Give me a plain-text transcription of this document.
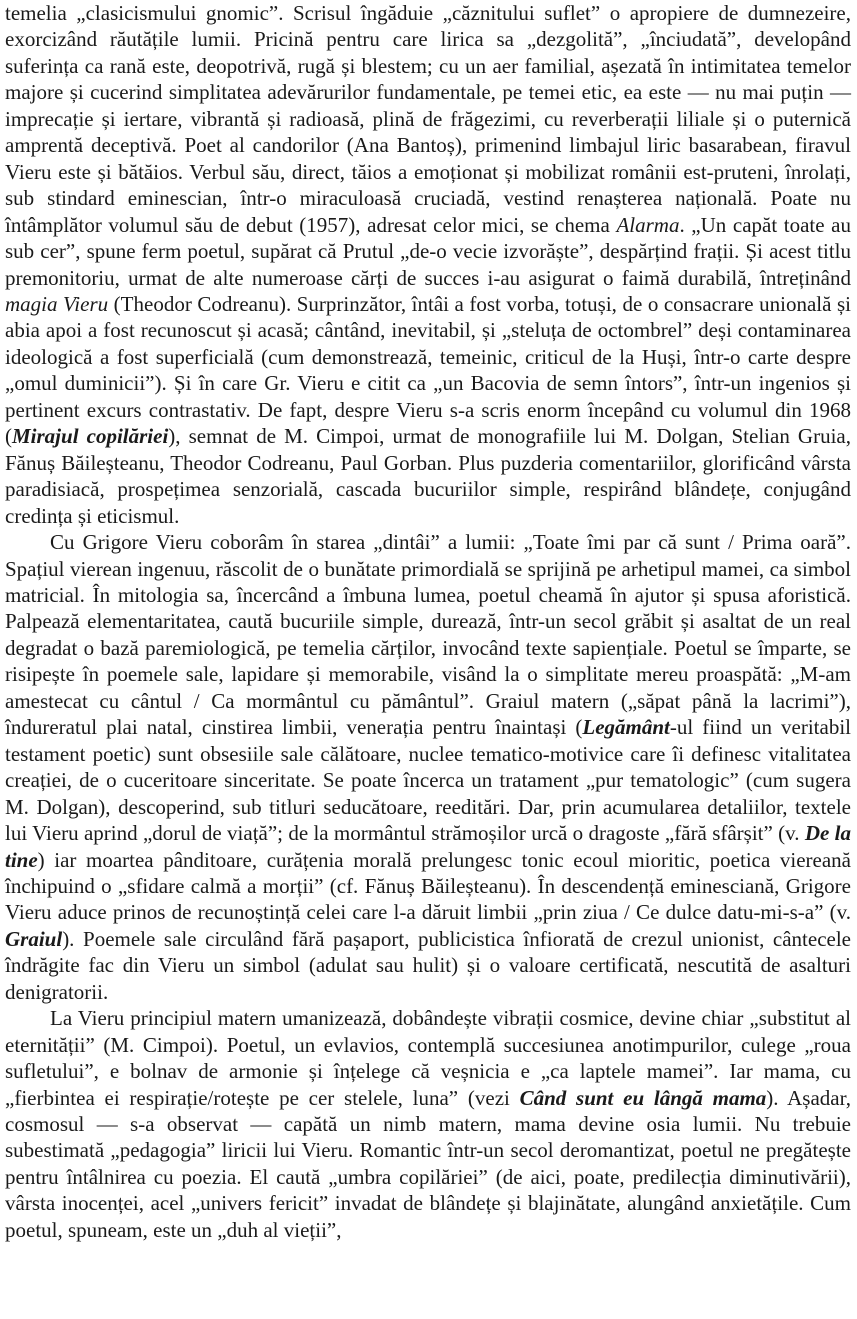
temelia „clasicismului gnomic”. Scrisul îngăduie „căznitului suflet” o apropiere de dumnezeire, exorcizând răutățile lumii. Pricină pentru care lirica sa „dezgolită”, „înciudată”, developând suferința ca rană este, deopotrivă, rugă și blestem; cu un aer familial, așezată în intimitatea temelor majore și cucerind simplitatea adevărurilor fundamentale, pe temei etic, ea este — nu mai puțin — imprecație și iertare, vibrantă și radioasă, plină de frăgezimi, cu reverberații liliale și o puternică amprentă deceptivă. Poet al candorilor (Ana Bantoș), primenind limbajul liric basarabean, firavul Vieru este și bătăios. Verbul său, direct, tăios a emoționat și mobilizat românii est-pruteni, înrolați, sub stindard eminescian, într-o miraculoasă cruciadă, vestind renașterea națională. Poate nu întâmplător volumul său de debut (1957), adresat celor mici, se chema Alarma. „Un capăt toate au sub cer”, spune ferm poetul, supărat că Prutul „de-o vecie izvorăște”, despărțind frații. Și acest titlu premonitoriu, urmat de alte numeroase cărți de succes i-au asigurat o faimă durabilă, întreținând magia Vieru (Theodor Codreanu). Surprinzător, întâi a fost vorba, totuși, de o consacrare unională și abia apoi a fost recunoscut și acasă; cântând, inevitabil, și „steluța de octombrel” deși contaminarea ideologică a fost superficială (cum demonstrează, temeinic, criticul de la Huși, într-o carte despre „omul duminicii”). Și în care Gr. Vieru e citit ca „un Bacovia de semn întors”, într-un ingenios și pertinent excurs contrastativ. De fapt, despre Vieru s-a scris enorm începând cu volumul din 1968 (Mirajul copilăriei), semnat de M. Cimpoi, urmat de monografiile lui M. Dolgan, Stelian Gruia, Fănuș Băileșteanu, Theodor Codreanu, Paul Gorban. Plus puzderia comentariilor, glorificând vârsta paradisiacă, prospețimea senzorială, cascada bucuriilor simple, respirând blândețe, conjugând credința și eticismul.

Cu Grigore Vieru coborâm în starea „dintâi” a lumii: „Toate îmi par că sunt / Prima oară”. Spațiul vierean ingenuu, răscolit de o bunătate primordială se sprijină pe arhetipul mamei, ca simbol matricial. În mitologia sa, încercând a îmbuna lumea, poetul cheamă în ajutor și spusa aforistică. Palpează elementaritatea, caută bucuriile simple, durează, într-un secol grăbit și asaltat de un real degradat o bază paremiologică, pe temelia cărților, invocând texte sapiențiale. Poetul se împarte, se risipește în poemele sale, lapidare și memorabile, visând la o simplitate mereu proaspătă: „M-am amestecat cu cântul / Ca mormântul cu pământul”. Graiul matern („săpat până la lacrimi”), îndureratul plai natal, cinstirea limbii, venerația pentru înaintași (Legământ-ul fiind un veritabil testament poetic) sunt obsesiile sale călătoare, nuclee tematico-motivice care îi definesc vitalitatea creației, de o cuceritoare sinceritate. Se poate încerca un tratament „pur tematologic” (cum sugera M. Dolgan), descoperind, sub titluri seducătoare, reeditări. Dar, prin acumularea detaliilor, textele lui Vieru aprind „dorul de viață”; de la mormântul strămoșilor urcă o dragoste „fără sfârșit” (v. De la tine) iar moartea pânditoare, curățenia morală prelungesc tonic ecoul mioritic, poetica viereană închipuind o „sfidare calmă a morții” (cf. Fănuș Băileșteanu). În descendență eminesciană, Grigore Vieru aduce prinos de recunoștință celei care l-a dăruit limbii „prin ziua / Ce dulce datu-mi-s-a” (v. Graiul). Poemele sale circulând fără pașaport, publicistica înfiorată de crezul unionist, cântecele îndrăgite fac din Vieru un simbol (adulat sau hulit) și o valoare certificată, nescutită de asalturi denigratorii.

La Vieru principiul matern umanizează, dobândește vibrații cosmice, devine chiar „substitut al eternității” (M. Cimpoi). Poetul, un evlavios, contemplă succesiunea anotimpurilor, culege „roua sufletului”, e bolnav de armonie și înțelege că veșnicia e „ca laptele mamei”. Iar mama, cu „fierbintea ei respirație/rotește pe cer stelele, luna” (vezi Când sunt eu lângă mama). Așadar, cosmosul — s-a observat — capătă un nimb matern, mama devine osia lumii. Nu trebuie subestimată „pedagogia” liricii lui Vieru. Romantic într-un secol deromantizat, poetul ne pregătește pentru întâlnirea cu poezia. El caută „umbra copilăriei” (de aici, poate, predilecția diminutivării), vârsta inocenței, acel „univers fericit” invadat de blândețe și blajinătate, alungând anxietățile. Cum poetul, spuneam, este un „duh al vieții”,
